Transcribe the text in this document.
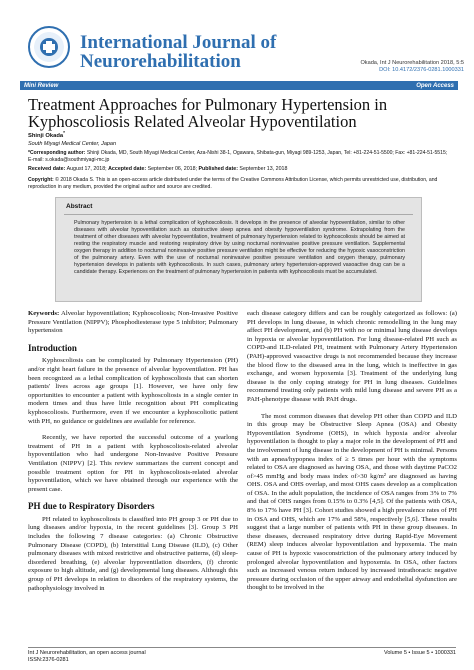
International Journal of
Neurorehabilitation	Okada, Int J Neurorehabilitation 2018, 5:5
DOI: 10.4172/2376-0281.1000331
Mini Review	Open Access
Treatment Approaches for Pulmonary Hypertension in Kyphoscoliosis Related Alveolar Hypoventilation
Shinji Okada*
South Miyagi Medical Center, Japan
*Corresponding author: Shinji Okada, MD, South Miyagi Medical Center, Aza-Nishi 38-1, Ogawara, Shibata-gun, Miyagi 989-1253, Japan, Tel: +81-224-51-5500; Fax: +81-224-51-5515; E-mail: s.okada@southmiyagi-mc.jp
Received date: August 17, 2018; Accepted date: September 06, 2018; Published date: September 13, 2018
Copyright: © 2018 Okada S. This is an open-access article distributed under the terms of the Creative Commons Attribution License, which permits unrestricted use, distribution, and reproduction in any medium, provided the original author and source are credited.
Abstract
Pulmonary hypertension is a lethal complication of kyphoscoliosis. It develops in the presence of alveolar hypoventilation, similar to other diseases with alveolar hypoventilation such as obstructive sleep apnea and obesity hypoventilation syndrome. Extrapolating from the treatment of other diseases with alveolar hypoventilation, treatment of pulmonary hypertension related to kyphoscoliosis should be aimed at resting the respiratory muscle and restoring respiratory drive by using nocturnal noninvasive positive pressure ventilation. Supplemental oxygen therapy in addition to nocturnal noninvasive positive pressure ventilation might be effective for reducing the hypoxic vasoconstriction of the pulmonary artery. Even with the use of nocturnal noninvasive positive pressure ventilation and oxygen therapy, pulmonary hypertension develops in patients with kyphoscoliosis. In such cases, pulmonary artery hypertension-approved vasoactive drug can be a candidate therapy. Experiences on the treatment of pulmonary hypertension in patients with kyphoscoliosis must be accumulated.

Keywords: Alveolar hypoventilation; Kyphoscoliosis; Non-Invasive Positive Pressure Ventilation (NIPPV); Phosphodiesterase type 5 inhibitor; Pulmonary hypertension

Introduction

Kyphoscoliosis can be complicated by Pulmonary Hypertension (PH) and/or right heart failure in the presence of alveolar hypoventilation. PH has been recognized as a lethal complication of kyphoscoliosis that can shorten patients' lives across age groups [1]. However, we have only few opportunities to encounter a patient with kyphoscoliosis in a single center in modern times and thus have little recognition about PH complicating kyphoscoliosis. Furthermore, even if we encounter a kyphoscoliotic patient with PH, no guidance or guidelines are available for reference.

Recently, we have reported the successful outcome of a yearlong treatment of PH in a patient with kyphoscoliosis-related alveolar hypoventilation who had undergone Non-Invasive Positive Pressure Ventilation (NIPPV) [2]. This review summarizes the current concept and possible treatment option for PH in kyphoscoliosis-related alveolar hypoventilation, which we have obtained through our experience with the present case.

PH due to Respiratory Disorders

PH related to kyphoscoliosis is classified into PH group 3 or PH due to lung diseases and/or hypoxia, in the recent guidelines [3]. Group 3 PH includes the following 7 disease categories: (a) Chronic Obstructive Pulmonary Disease (COPD), (b) Interstitial Lung Disease (ILD), (c) Other pulmonary diseases with mixed restrictive and obstructive patterns, (d) sleep-disordered breathing, (e) alveolar hypoventilation disorders, (f) chronic exposure to high altitude, and (g) developmental lung diseases. Although this group of PH develops in relation to disorders of the respiratory systems, the pathophysiology involved in

each disease category differs and can be roughly categorized as follows: (a) PH develops in lung disease, in which chronic remodelling in the lung may affect PH development, and (b) PH with no or minimal lung disease develops in hypoxia or alveolar hypoventilation. For lung disease-related PH such as COPD-and ILD-related PH, treatment with Pulmonary Artery Hypertension (PAH)-approved vasoactive drugs is not recommended because they increase the blood flow to the diseased area in the lung, which is ineffective in gas exchange, and worsen hypoxemia [3]. Treatment of the underlying lung disease is the only coping strategy for PH in lung diseases. Guidelines recommend treating only patients with mild lung disease and severe PH as a PAH-phenotype disease with PAH drugs.

The most common diseases that develop PH other than COPD and ILD in this group may be Obstructive Sleep Apnea (OSA) and Obesity Hypoventilation Syndrome (OHS), in which hypoxia and/or alveolar hypoventilation is thought to play a major role in the development of PH and the involvement of lung disease in the development of PH is minimal. Persons with an apnea/hypopnea index of ≥ 5 times per hour with the symptoms related to OSA are diagnosed as having OSA, and those with daytime PaCO2 of>45 mmHg and body mass index of>30 kg/m² are diagnosed as having OHS. OSA and OHS overlap, and most OHS cases develop as a complication of OSA. In the adult population, the incidence of OSA ranges from 3% to 7% and that of OHS ranges from 0.15% to 0.3% [4,5]. Of the patients with OSA, 8% to 17% have PH [3]. Cohort studies showed a high prevalence rates of PH in OSA and OHS, which are 17% and 58%, respectively [5,6]. These results suggest that a large number of patients with PH in these group diseases. In these diseases, decreased respiratory drive during Rapid-Eye Movement (REM) sleep induces alveolar hypoventilation and hypoxemia. The main cause of PH is hypoxic vasoconstriction of the pulmonary artery induced by prolonged alveolar hypoventilation and hypoxemia. In OSA, other factors such as increased venous return induced by increased intrathoracic negative pressure during occlusion of the upper airway and endothelial dysfunction are thought to be involved in the

Int J Neurorehabilitation, an open access journal
ISSN:2376-0281
Volume 5 • Issue 5 • 1000331
